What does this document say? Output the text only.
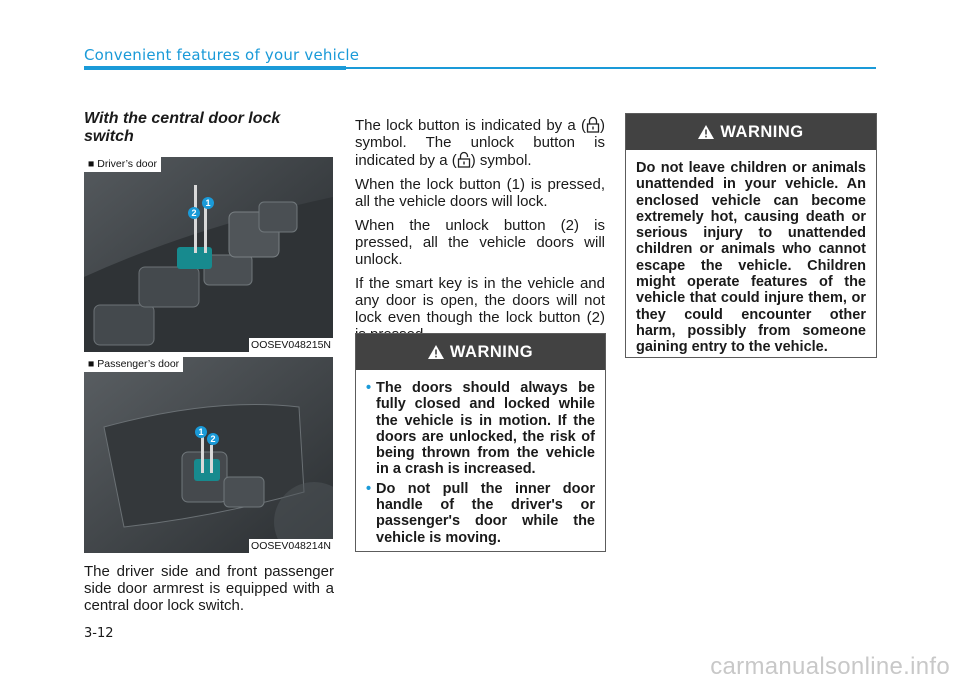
Convenient features of your vehicle
With the central door lock switch
2
1
■ Driver’s door
OOSEV048215N
1
2
■ Passenger’s door
OOSEV048214N

The driver side and front passenger side door armrest is equipped with a central door lock switch.

The lock button is indicated by a ( ) symbol. The unlock button is indicated by a ( ) symbol.

When the lock button (1) is pressed, all the vehicle doors will lock.

When the unlock button (2) is pressed, all the vehicle doors will unlock.

If the smart key is in the vehicle and any door is open, the doors will not lock even though the lock button (2)

WARNING
• The doors should always be fully closed and locked while the vehicle is in motion. If the doors are unlocked, the risk of being thrown from the vehicle in a crash is increased.
• Do not pull the inner door handle of the driver's or passenger's door while the vehicle is moving.
WARNING
Do not leave children or animals unattended in your vehicle. An enclosed vehicle can become extremely hot, causing death or serious injury to unattended children or animals who cannot escape the vehicle. Children might operate features of the vehicle that could injure them, or they could encounter other harm, possibly from someone gaining entry to the vehicle.
3-12
carmanualsonline.info
